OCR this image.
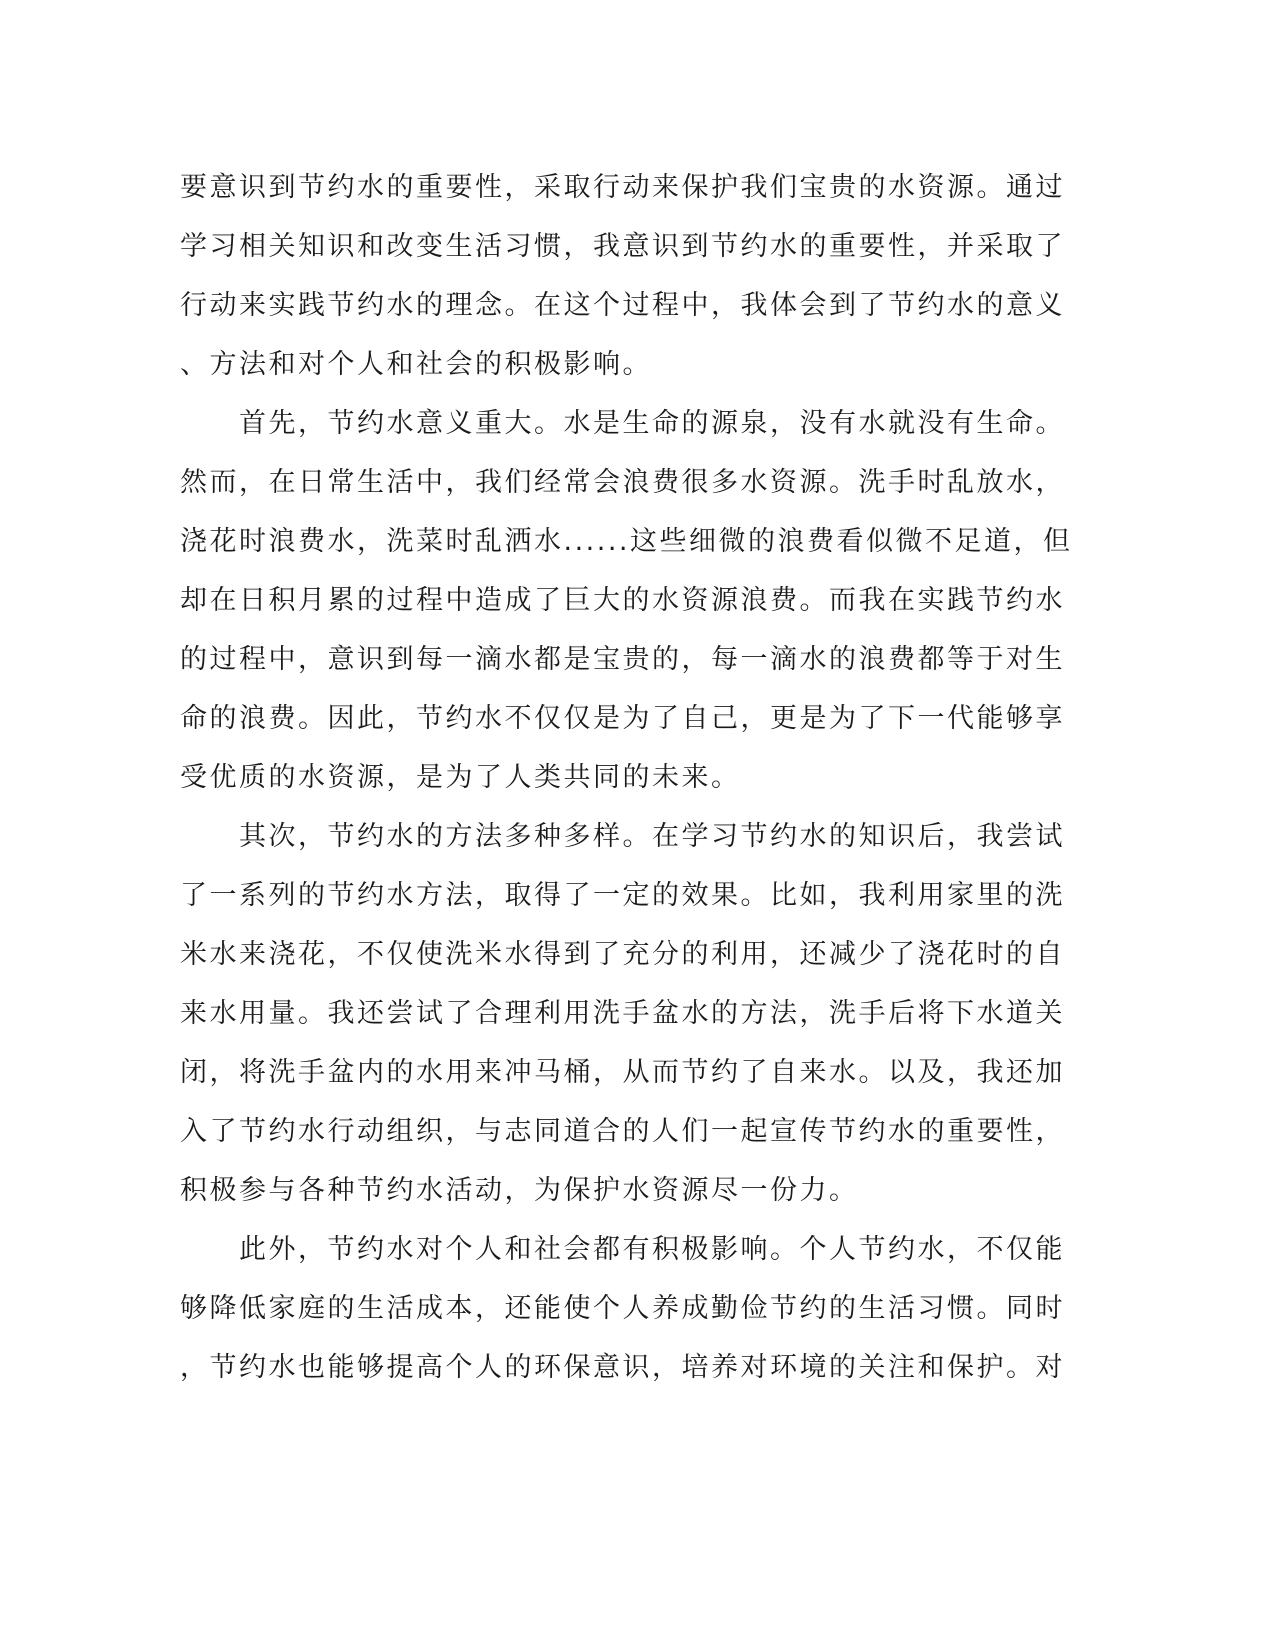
要意识到节约水的重要性，采取行动来保护我们宝贵的水资源。通过
学习相关知识和改变生活习惯，我意识到节约水的重要性，并采取了
行动来实践节约水的理念。在这个过程中，我体会到了节约水的意义
、方法和对个人和社会的积极影响。
　　首先，节约水意义重大。水是生命的源泉，没有水就没有生命。
然而，在日常生活中，我们经常会浪费很多水资源。洗手时乱放水，
浇花时浪费水，洗菜时乱洒水......这些细微的浪费看似微不足道，但
却在日积月累的过程中造成了巨大的水资源浪费。而我在实践节约水
的过程中，意识到每一滴水都是宝贵的，每一滴水的浪费都等于对生
命的浪费。因此，节约水不仅仅是为了自己，更是为了下一代能够享
受优质的水资源，是为了人类共同的未来。
　　其次，节约水的方法多种多样。在学习节约水的知识后，我尝试
了一系列的节约水方法，取得了一定的效果。比如，我利用家里的洗
米水来浇花，不仅使洗米水得到了充分的利用，还减少了浇花时的自
来水用量。我还尝试了合理利用洗手盆水的方法，洗手后将下水道关
闭，将洗手盆内的水用来冲马桶，从而节约了自来水。以及，我还加
入了节约水行动组织，与志同道合的人们一起宣传节约水的重要性，
积极参与各种节约水活动，为保护水资源尽一份力。
　　此外，节约水对个人和社会都有积极影响。个人节约水，不仅能
够降低家庭的生活成本，还能使个人养成勤俭节约的生活习惯。同时
，节约水也能够提高个人的环保意识，培养对环境的关注和保护。对
